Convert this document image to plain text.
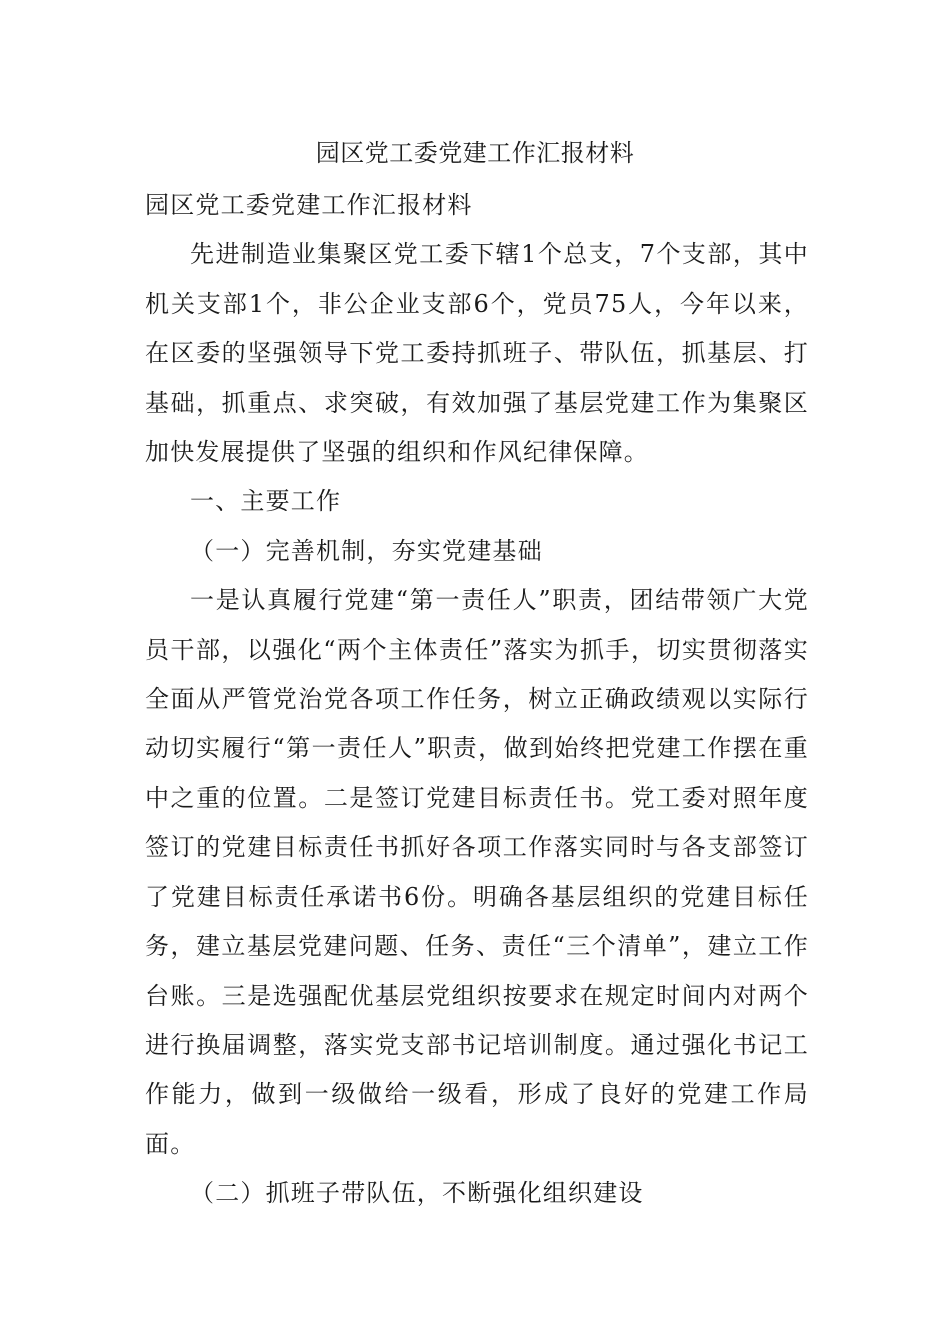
园区党工委党建工作汇报材料

园区党工委党建工作汇报材料

先进制造业集聚区党工委下辖1个总支，7个支部，其中机关支部1个，非公企业支部6个，党员75人，今年以来，在区委的坚强领导下党工委持抓班子、带队伍，抓基层、打基础，抓重点、求突破，有效加强了基层党建工作为集聚区加快发展提供了坚强的组织和作风纪律保障。

一、主要工作

（一）完善机制，夯实党建基础

一是认真履行党建“第一责任人”职责，团结带领广大党员干部，以强化“两个主体责任”落实为抓手，切实贯彻落实全面从严管党治党各项工作任务，树立正确政绩观以实际行动切实履行“第一责任人”职责，做到始终把党建工作摆在重中之重的位置。二是签订党建目标责任书。党工委对照年度签订的党建目标责任书抓好各项工作落实同时与各支部签订了党建目标责任承诺书6份。明确各基层组织的党建目标任务，建立基层党建问题、任务、责任“三个清单”，建立工作台账。三是选强配优基层党组织按要求在规定时间内对两个进行换届调整，落实党支部书记培训制度。通过强化书记工作能力，做到一级做给一级看，形成了良好的党建工作局面。

（二）抓班子带队伍，不断强化组织建设
